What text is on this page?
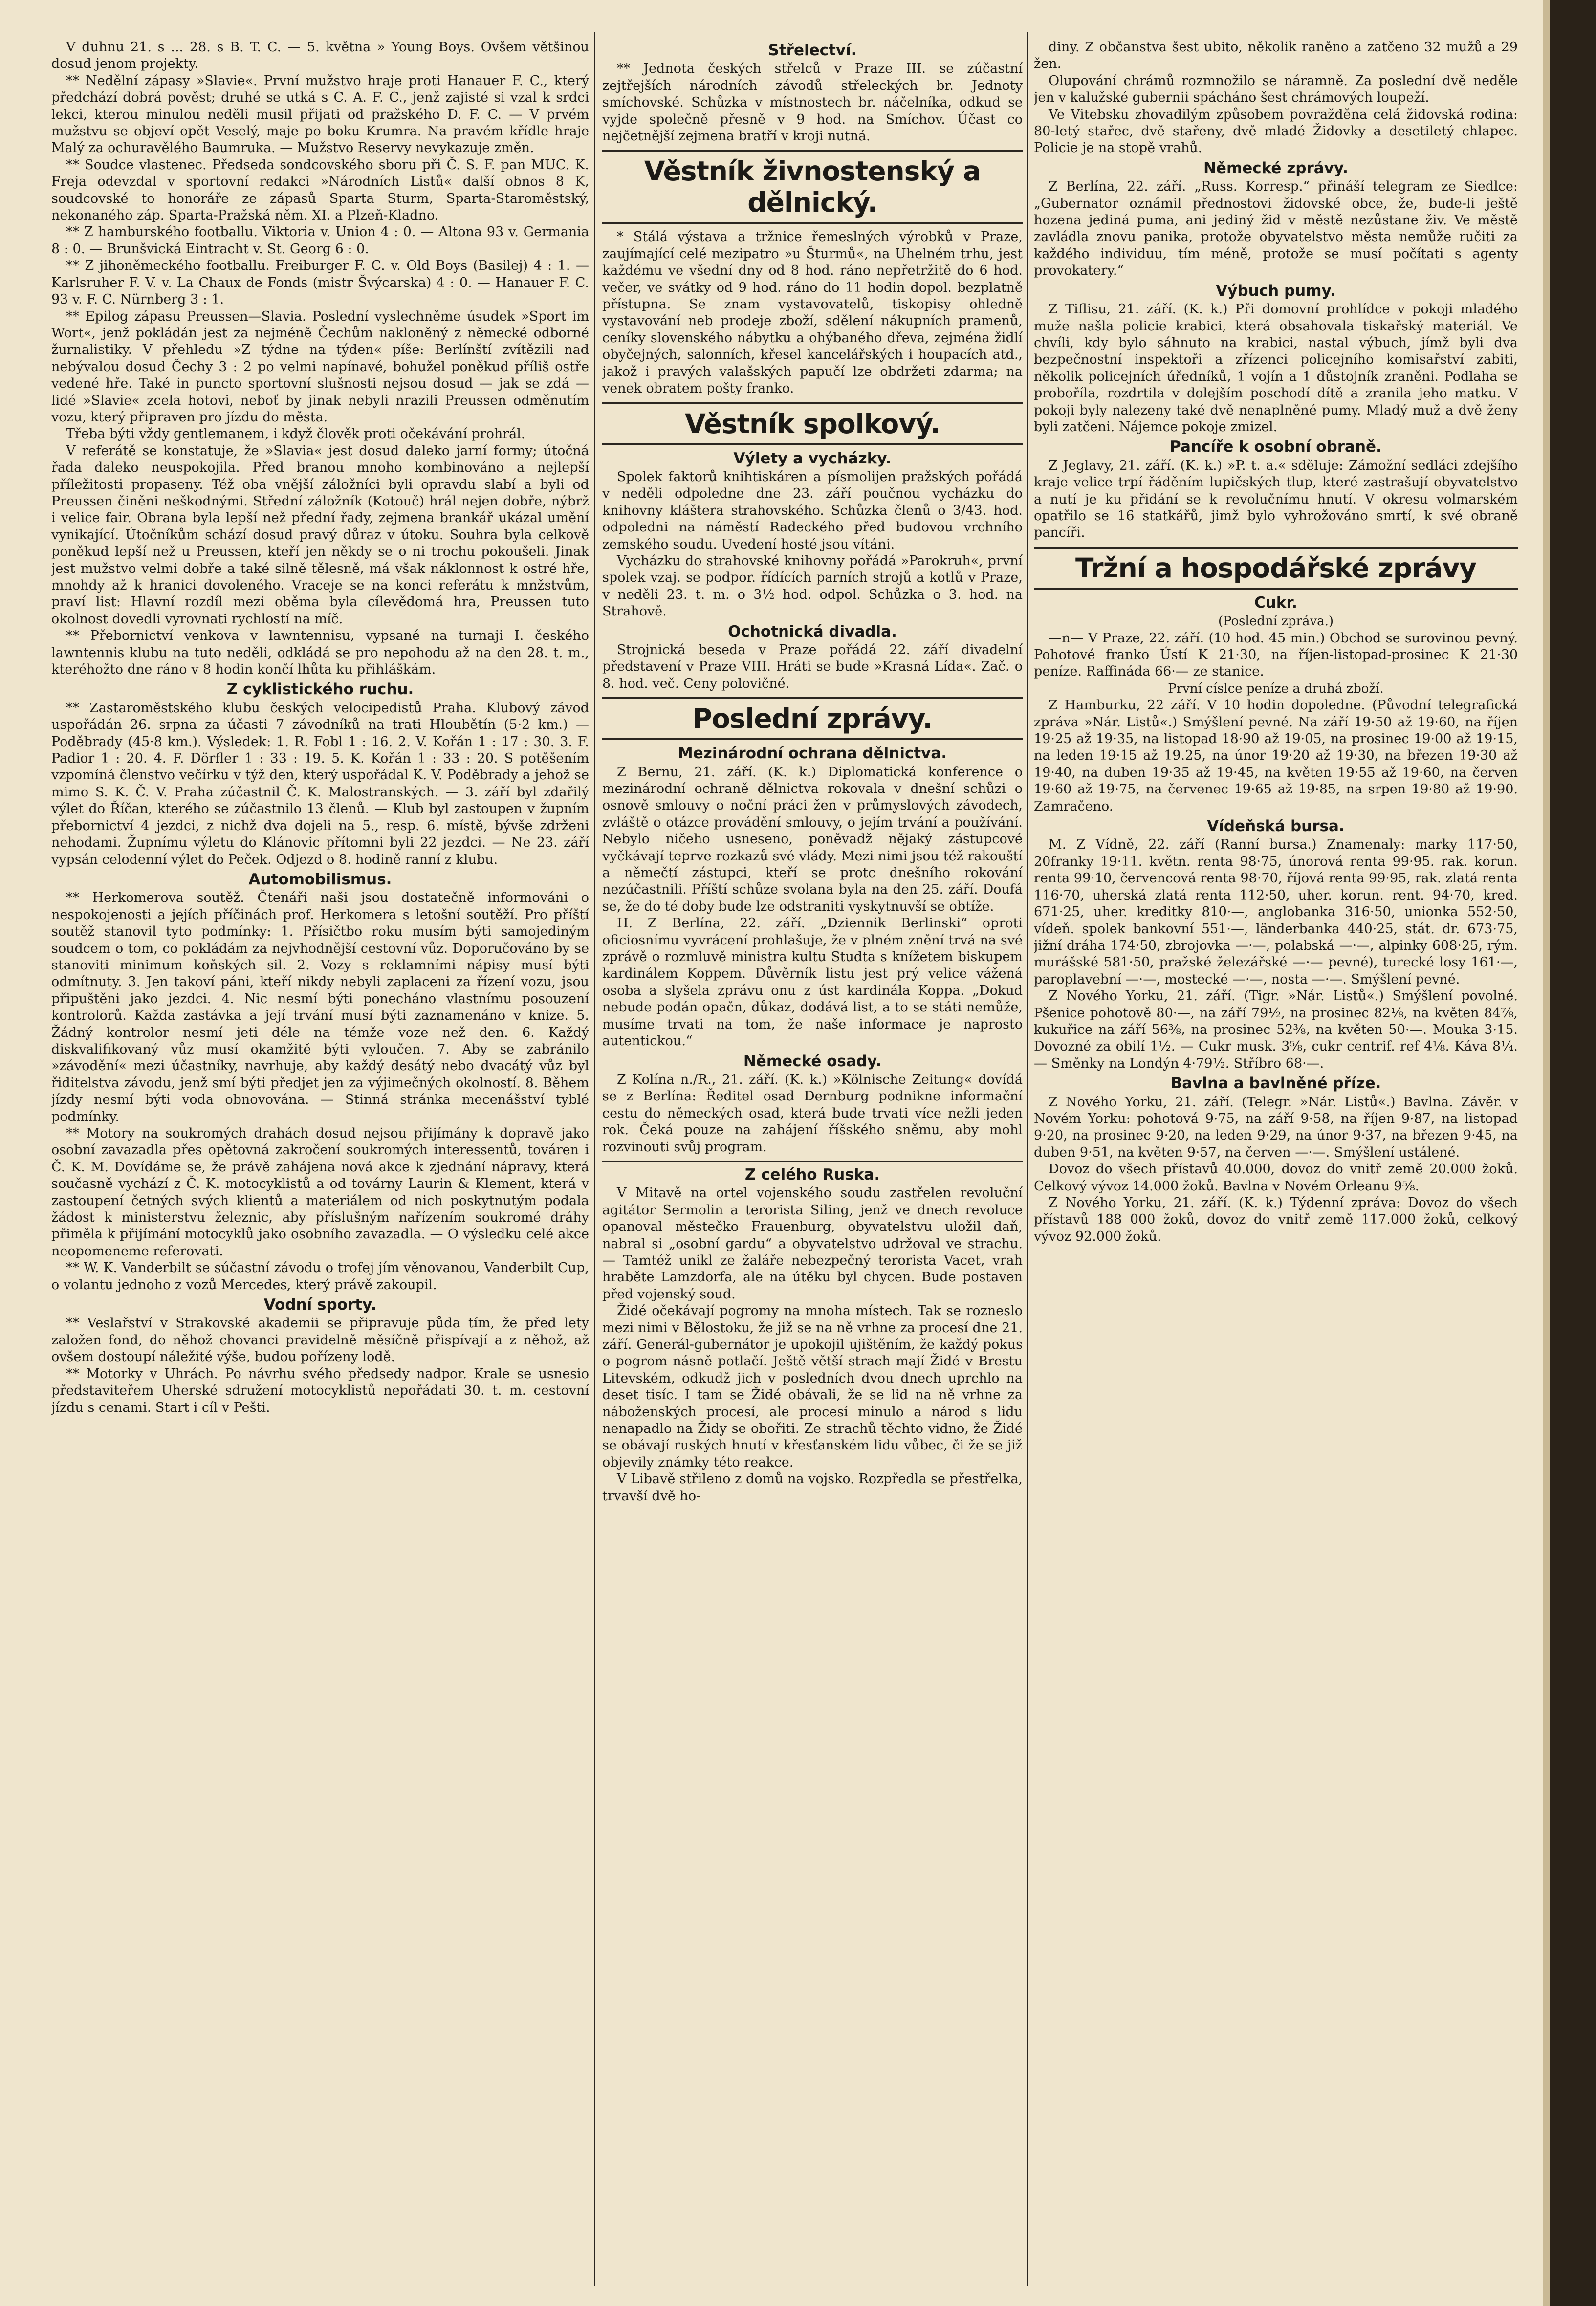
V duhnu 21. s ... 28. s B. T. C. — 5. května » Young Boys. Ovšem většinou dosud jenom projekty.

** Nedělní zápasy »Slavie«. První mužstvo hraje proti Hanauer F. C., který předchází dobrá pověst; druhé se utká s C. A. F. C., jenž zajisté si vzal k srdci lekci, kterou minulou neděli musil přijati od pražského D. F. C. — V prvém mužstvu se objeví opět Veselý, maje po boku Krumra. Na pravém křídle hraje Malý za ochuravělého Baumruka. — Mužstvo Reservy nevykazuje změn.

** Soudce vlastenec. Předseda sondcovského sboru při Č. S. F. pan MUC. K. Freja odevzdal v sportovní redakci »Národních Listů« další obnos 8 K, soudcovské to honoráře ze zápasů Sparta Sturm, Sparta-Staroměstský, nekonaného záp. Sparta-Pražská něm. XI. a Plzeň-Kladno.

** Z hamburského footballu. Viktoria v. Union 4 : 0. — Altona 93 v. Germania 8 : 0. — Brunšvická Eintracht v. St. Georg 6 : 0.

** Z jihoněmeckého footballu. Freiburger F. C. v. Old Boys (Basilej) 4 : 1. — Karlsruher F. V. v. La Chaux de Fonds (mistr Švýcarska) 4 : 0. — Hanauer F. C. 93 v. F. C. Nürnberg 3 : 1.

** Epilog zápasu Preussen—Slavia. Poslední vyslechněme úsudek »Sport im Wort«, jenž pokládán jest za nejméně Čechům nakloněný z německé odborné žurnalistiky. V přehledu »Z týdne na týden« píše: Berlínští zvítězili nad nebývalou dosud Čechy 3 : 2 po velmi napínavé, bohužel poněkud příliš ostře vedené hře. Také in puncto sportovní slušnosti nejsou dosud — jak se zdá — lidé »Slavie« zcela hotovi, neboť by jinak nebyli nrazili Preussen odměnutím vozu, který připraven pro jízdu do města.

Třeba býti vždy gentlemanem, i když člověk proti očekávání prohrál.

V referátě se konstatuje, že »Slavia« jest dosud daleko jarní formy; útočná řada daleko neuspokojila. Před branou mnoho kombinováno a nejlepší příležitosti propaseny. Též oba vnější záložníci byli opravdu slabí a byli od Preussen činěni neškodnými. Střední záložník (Kotouč) hrál nejen dobře, nýbrž i velice fair. Obrana byla lepší než přední řady, zejmena brankář ukázal umění vynikající. Útočníkům schází dosud pravý důraz v útoku. Souhra byla celkově poněkud lepší než u Preussen, kteří jen někdy se o ni trochu pokoušeli. Jinak jest mužstvo velmi dobře a také silně tělesně, má však náklonnost k ostré hře, mnohdy až k hranici dovoleného. Vraceje se na konci referátu k mnžstvům, praví list: Hlavní rozdíl mezi oběma byla cílevědomá hra, Preussen tuto okolnost dovedli vyrovnati rychlostí na míč.

** Přebornictví venkova v lawntennisu, vypsané na turnaji I. českého lawntennis klubu na tuto neděli, odkládá se pro nepohodu až na den 28. t. m., kteréhožto dne ráno v 8 hodin končí lhůta ku přihláškám.

Z cyklistického ruchu.

** Zastaroměstského klubu českých velocipedistů Praha. Klubový závod uspořádán 26. srpna za účasti 7 závodníků na trati Hloubětín (5·2 km.) — Poděbrady (45·8 km.). Výsledek: 1. R. Fobl 1 : 16. 2. V. Kořán 1 : 17 : 30. 3. F. Padior 1 : 20. 4. F. Dörfler 1 : 33 : 19. 5. K. Kořán 1 : 33 : 20. S potěšením vzpomíná členstvo večírku v týž den, který uspořádal K. V. Poděbrady a jehož se mimo S. K. Č. V. Praha zúčastnil Č. K. Malostranských. — 3. září byl zdařilý výlet do Říčan, kterého se zúčastnilo 13 členů. — Klub byl zastoupen v župním přebornictví 4 jezdci, z nichž dva dojeli na 5., resp. 6. místě, bývše zdrženi nehodami. Župnímu výletu do Klánovic přítomni byli 22 jezdci. — Ne 23. září vypsán celodenní výlet do Peček. Odjezd o 8. hodině ranní z klubu.

Automobilismus.

** Herkomerova soutěž. Čtenáři naši jsou dostatečně informováni o nespokojenosti a jejích příčinách prof. Herkomera s letošní soutěží. Pro příští soutěž stanovil tyto podmínky: 1. Přísičtbo roku musím býti samojediným soudcem o tom, co pokládám za nejvhodnější cestovní vůz. Doporučováno by se stanoviti minimum koňských sil. 2. Vozy s reklamními nápisy musí býti odmítnuty. 3. Jen takoví páni, kteří nikdy nebyli zaplaceni za řízení vozu, jsou připuštěni jako jezdci. 4. Nic nesmí býti ponecháno vlastnímu posouzení kontrolorů. Každa zastávka a její trvání musí býti zaznamenáno v knize. 5. Žádný kontrolor nesmí jeti déle na témže voze než den. 6. Každý diskvalifikovaný vůz musí okamžitě býti vyloučen. 7. Aby se zabránilo »závodění« mezi účastníky, navrhuje, aby každý desátý nebo dvacátý vůz byl řiditelstva závodu, jenž smí býti předjet jen za výjimečných okolností. 8. Během jízdy nesmí býti voda obnovována. — Stinná stránka mecenášství tyblé podmínky.

** Motory na soukromých drahách dosud nejsou přijímány k dopravě jako osobní zavazadla přes opětovná zakročení soukromých interessentů, továren i Č. K. M. Dovídáme se, že právě zahájena nová akce k zjednání nápravy, která současně vychází z Č. K. motocyklistů a od továrny Laurin & Klement, která v zastoupení četných svých klientů a materiálem od nich poskytnutým podala žádost k ministerstvu železnic, aby příslušným nařízením soukromé dráhy přiměla k přijímání motocyklů jako osobního zavazadla. — O výsledku celé akce neopomeneme referovati.

** W. K. Vanderbilt se súčastní závodu o trofej jím věnovanou, Vanderbilt Cup, o volantu jednoho z vozů Mercedes, který právě zakoupil.

Vodní sporty.

** Veslařství v Strakovské akademii se připravuje půda tím, že před lety založen fond, do něhož chovanci pravidelně měsíčně přispívají a z něhož, až ovšem dostoupí náležité výše, budou pořízeny lodě.

** Motorky v Uhrách. Po návrhu svého předsedy nadpor. Krale se usnesio představiteřem Uherské sdružení motocyklistů nepořádati 30. t. m. cestovní jízdu s cenami. Start i cíl v Pešti.

Střelectví.

** Jednota českých střelců v Praze III. se zúčastní zejtřejších národních závodů střeleckých br. Jednoty smíchovské. Schůzka v místnostech br. náčelníka, odkud se vyjde společně přesně v 9 hod. na Smíchov. Účast co nejčetnější zejmena bratří v kroji nutná.

Věstník živnostenský a dělnický.

* Stálá výstava a tržnice řemeslných výrobků v Praze, zaujímající celé mezipatro »u Šturmů«, na Uhelném trhu, jest každému ve všední dny od 8 hod. ráno nepřetržitě do 6 hod. večer, ve svátky od 9 hod. ráno do 11 hodin dopol. bezplatně přístupna. Se znam vystavovatelů, tiskopisy ohledně vystavování neb prodeje zboží, sdělení nákupních pramenů, ceníky slovenského nábytku a ohýbaného dřeva, zejména židlí obyčejných, salonních, křesel kancelářských i houpacích atd., jakož i pravých valašských papučí lze obdržeti zdarma; na venek obratem pošty franko.

Věstník spolkový.
Výlety a vycházky.

Spolek faktorů knihtiskáren a písmolijen pražských pořádá v neděli odpoledne dne 23. září poučnou vycházku do knihovny kláštera strahovského. Schůzka členů o 3/43. hod. odpoledni na náměstí Radeckého před budovou vrchního zemského soudu. Uvedení hosté jsou vítáni.

Vycházku do strahovské knihovny pořádá »Parokruh«, první spolek vzaj. se podpor. řídících parních strojů a kotlů v Praze, v neděli 23. t. m. o 3½ hod. odpol. Schůzka o 3. hod. na Strahově.

Ochotnická divadla.

Strojnická beseda v Praze pořádá 22. září divadelní představení v Praze VIII. Hráti se bude »Krasná Lída«. Zač. o 8. hod. več. Ceny polovičné.

Poslední zprávy.
Mezinárodní ochrana dělnictva.

Z Bernu, 21. září. (K. k.) Diplomatická konference o mezinárodní ochraně dělnictva rokovala v dnešní schůzi o osnově smlouvy o noční práci žen v průmyslových závodech, zvláště o otázce provádění smlouvy, o jejím trvání a používání. Nebylo ničeho usneseno, poněvadž nějaký zástupcové vyčkávají teprve rozkazů své vlády. Mezi nimi jsou též rakouští a němečtí zástupci, kteří se protc dnešního rokování nezúčastnili. Příští schůze svolana byla na den 25. září. Doufá se, že do té doby bude lze odstraniti vyskytnuvší se obtíže.

H. Z Berlína, 22. září. „Dziennik Berlinski“ oproti oficiosnímu vyvrácení prohlašuje, že v plném znění trvá na své zprávě o rozmluvě ministra kultu Studta s knížetem biskupem kardinálem Koppem. Důvěrník listu jest prý velice vážená osoba a slyšela zprávu onu z úst kardinála Koppa. „Dokud nebude podán opačn, důkaz, dodává list, a to se státi nemůže, musíme trvati na tom, že naše informace je naprosto autentickou.“

Německé osady.

Z Kolína n./R., 21. září. (K. k.) »Kölnische Zeitung« dovídá se z Berlína: Ředitel osad Dernburg podnikne informační cestu do německých osad, která bude trvati více nežli jeden rok. Čeká pouze na zahájení říšského sněmu, aby mohl rozvinouti svůj program.

Z celého Ruska.

V Mitavě na ortel vojenského soudu zastřelen revoluční agitátor Sermolin a terorista Siling, jenž ve dnech revoluce opanoval městečko Frauenburg, obyvatelstvu uložil daň, nabral si „osobní gardu“ a obyvatelstvo udržoval ve strachu. — Tamtéž unikl ze žaláře nebezpečný terorista Vacet, vrah hraběte Lamzdorfa, ale na útěku byl chycen. Bude postaven před vojenský soud.

Židé očekávají pogromy na mnoha místech. Tak se rozneslo mezi nimi v Bělostoku, že již se na ně vrhne za procesí dne 21. září. Generál-gubernátor je upokojil ujištěním, že každý pokus o pogrom násně potlačí. Ještě větší strach mají Židé v Brestu Litevském, odkudž jich v posledních dvou dnech uprchlo na deset tisíc. I tam se Židé obávali, že se lid na ně vrhne za náboženských procesí, ale procesí minulo a národ s lidu nenapadlo na Židy se obořiti. Ze strachů těchto vidno, že Židé se obávají ruských hnutí v křesťanském lidu vůbec, či že se již objevily známky této reakce.

V Libavě střileno z domů na vojsko. Rozpředla se přestřelka, trvavší dvě ho-

diny. Z občanstva šest ubito, několik raněno a zatčeno 32 mužů a 29 žen.

Olupování chrámů rozmnožilo se náramně. Za poslední dvě neděle jen v kalužské gubernii spácháno šest chrámových loupeží.

Ve Vitebsku zhovadilým způsobem povražděna celá židovská rodina: 80-letý stařec, dvě stařeny, dvě mladé Židovky a desetiletý chlapec. Policie je na stopě vrahů.

Německé zprávy.

Z Berlína, 22. září. „Russ. Korresp.“ přináší telegram ze Siedlce: „Gubernator oznámil přednostovi židovské obce, že, bude-li ještě hozena jediná puma, ani jediný žid v městě nezůstane živ. Ve městě zavládla znovu panika, protože obyvatelstvo města nemůže ručiti za každého individuu, tím méně, protože se musí počítati s agenty provokatery.“

Výbuch pumy.

Z Tiflisu, 21. září. (K. k.) Při domovní prohlídce v pokoji mladého muže našla policie krabici, která obsahovala tiskařský materiál. Ve chvíli, kdy bylo sáhnuto na krabici, nastal výbuch, jímž byli dva bezpečnostní inspektoři a zřízenci policejního komisařství zabiti, několik policejních úředníků, 1 vojín a 1 důstojník zraněni. Podlaha se proboříla, rozdrtila v dolejším poschodí dítě a zranila jeho matku. V pokoji byly nalezeny také dvě nenaplněné pumy. Mladý muž a dvě ženy byli zatčeni. Nájemce pokoje zmizel.

Pancíře k osobní obraně.

Z Jeglavy, 21. září. (K. k.) »P. t. a.« sděluje: Zámožní sedláci zdejšího kraje velice trpí řáděním lupičských tlup, které zastrašují obyvatelstvo a nutí je ku přidání se k revolučnímu hnutí. V okresu volmarském opatřilo se 16 statkářů, jimž bylo vyhrožováno smrtí, k své obraně pancíři.

Tržní a hospodářské zprávy
Cukr.
(Poslední zpráva.)

—n— V Praze, 22. září. (10 hod. 45 min.) Obchod se surovinou pevný. Pohotové franko Ústí K 21·30, na říjen-listopad-prosinec K 21·30 peníze. Raffináda 66·— ze stanice.

První císlce peníze a druhá zboží.

Z Hamburku, 22 září. V 10 hodin dopoledne. (Původní telegrafická zpráva »Nár. Listů«.) Smýšlení pevné. Na září 19·50 až 19·60, na říjen 19·25 až 19·35, na listopad 18·90 až 19·05, na prosinec 19·00 až 19·15, na leden 19·15 až 19.25, na únor 19·20 až 19·30, na březen 19·30 až 19·40, na duben 19·35 až 19·45, na květen 19·55 až 19·60, na červen 19·60 až 19·75, na červenec 19·65 až 19·85, na srpen 19·80 až 19·90. Zamračeno.

Vídeňská bursa.

M. Z Vídně, 22. září (Ranní bursa.) Znamenaly: marky 117·50, 20franky 19·11. květn. renta 98·75, únorová renta 99·95. rak. korun. renta 99·10, červencová renta 98·70, říjová renta 99·95, rak. zlatá renta 116·70, uherská zlatá renta 112·50, uher. korun. rent. 94·70, kred. 671·25, uher. kreditky 810·—, anglobanka 316·50, unionka 552·50, vídeň. spolek bankovní 551·—, länderbanka 440·25, stát. dr. 673·75, jižní dráha 174·50, zbrojovka —·—, polabská —·—, alpinky 608·25, rým. murášské 581·50, pražské železářské —·— pevné), turecké losy 161·—, paroplavební —·—, mostecké —·—, nosta —·—. Smýšlení pevné.

Z Nového Yorku, 21. září. (Tigr. »Nár. Listů«.) Smýšlení povolné. Pšenice pohotově 80·—, na září 79½, na prosinec 82⅛, na květen 84⅞, kukuřice na září 56⅜, na prosinec 52⅜, na květen 50·—. Mouka 3·15. Dovozné za obilí 1½. — Cukr musk. 3⅝, cukr centrif. ref 4⅛. Káva 8¼. — Směnky na Londýn 4·79½. Stříbro 68·—.

Bavlna a bavlněné příze.

Z Nového Yorku, 21. září. (Telegr. »Nár. Listů«.) Bavlna. Závěr. v Novém Yorku: pohotová 9·75, na září 9·58, na říjen 9·87, na listopad 9·20, na prosinec 9·20, na leden 9·29, na únor 9·37, na březen 9·45, na duben 9·51, na květen 9·57, na červen —·—. Smýšlení ustálené.

Dovoz do všech přístavů 40.000, dovoz do vnitř země 20.000 žoků. Celkový vývoz 14.000 žoků. Bavlna v Novém Orleanu 9⅝.

Z Nového Yorku, 21. září. (K. k.) Týdenní zpráva: Dovoz do všech přístavů 188 000 žoků, dovoz do vnitř země 117.000 žoků, celkový vývoz 92.000 žoků.
